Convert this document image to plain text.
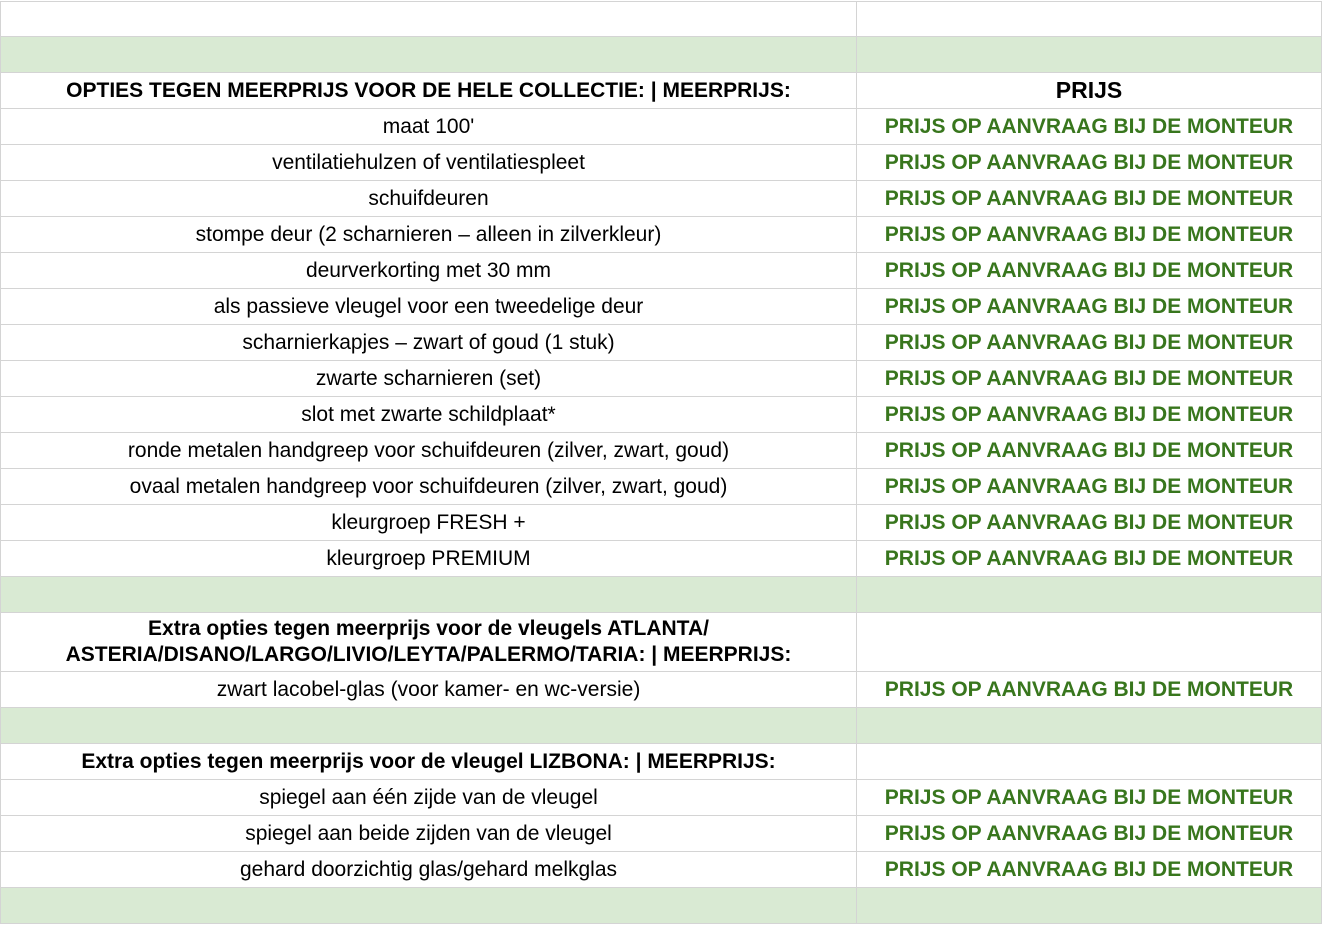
OPTIES TEGEN MEERPRIJS VOOR DE HELE COLLECTIE: | MEERPRIJS:	PRIJS
maat 100'	PRIJS OP AANVRAAG BIJ DE MONTEUR
ventilatiehulzen of ventilatiespleet	PRIJS OP AANVRAAG BIJ DE MONTEUR
schuifdeuren	PRIJS OP AANVRAAG BIJ DE MONTEUR
stompe deur (2 scharnieren – alleen in zilverkleur)	PRIJS OP AANVRAAG BIJ DE MONTEUR
deurverkorting met 30 mm	PRIJS OP AANVRAAG BIJ DE MONTEUR
als passieve vleugel voor een tweedelige deur	PRIJS OP AANVRAAG BIJ DE MONTEUR
scharnierkapjes – zwart of goud (1 stuk)	PRIJS OP AANVRAAG BIJ DE MONTEUR
zwarte scharnieren (set)	PRIJS OP AANVRAAG BIJ DE MONTEUR
slot met zwarte schildplaat*	PRIJS OP AANVRAAG BIJ DE MONTEUR
ronde metalen handgreep voor schuifdeuren (zilver, zwart, goud)	PRIJS OP AANVRAAG BIJ DE MONTEUR
ovaal metalen handgreep voor schuifdeuren (zilver, zwart, goud)	PRIJS OP AANVRAAG BIJ DE MONTEUR
kleurgroep FRESH +	PRIJS OP AANVRAAG BIJ DE MONTEUR
kleurgroep PREMIUM	PRIJS OP AANVRAAG BIJ DE MONTEUR

Extra opties tegen meerprijs voor de vleugels ATLANTA/
ASTERIA/DISANO/LARGO/LIVIO/LEYTA/PALERMO/TARIA: | MEERPRIJS:	

zwart lacobel-glas (voor kamer- en wc-versie)	PRIJS OP AANVRAAG BIJ DE MONTEUR

Extra opties tegen meerprijs voor de vleugel LIZBONA: | MEERPRIJS:	
spiegel aan één zijde van de vleugel	PRIJS OP AANVRAAG BIJ DE MONTEUR
spiegel aan beide zijden van de vleugel	PRIJS OP AANVRAAG BIJ DE MONTEUR
gehard doorzichtig glas/gehard melkglas	PRIJS OP AANVRAAG BIJ DE MONTEUR
